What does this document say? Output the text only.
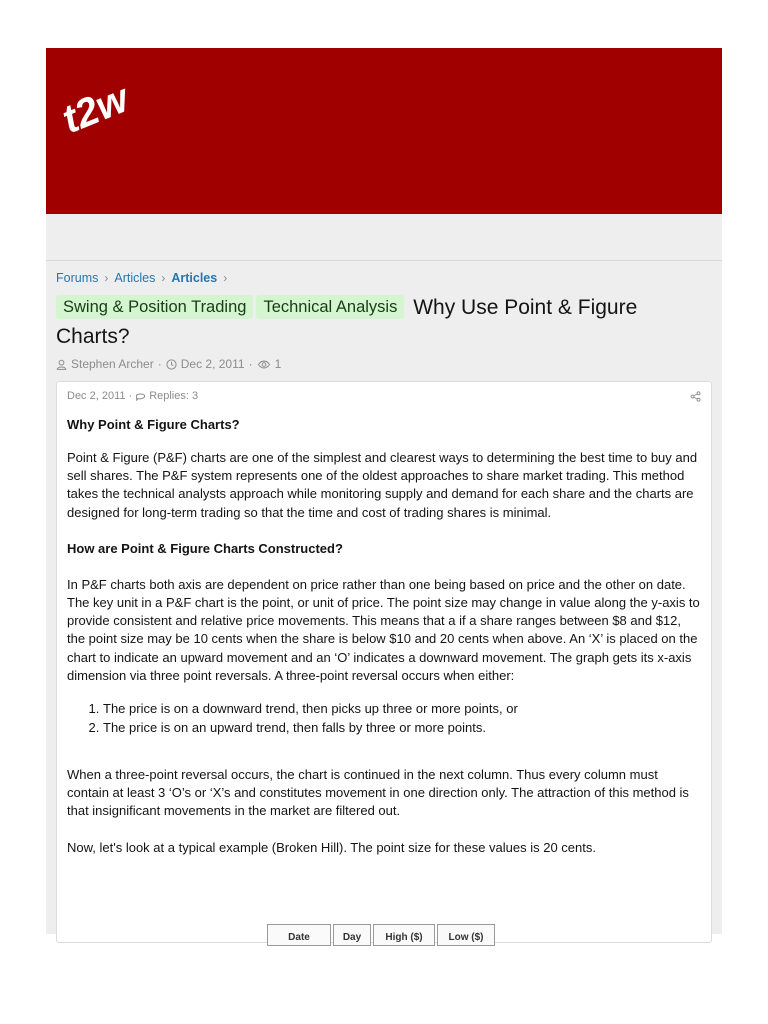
t2w
Forums › Articles › Articles ›
Swing & Position Trading Technical Analysis Why Use Point & Figure Charts?
Stephen Archer · Dec 2, 2011 · 1
Dec 2, 2011 · Replies: 3
Why Point & Figure Charts?

Point & Figure (P&F) charts are one of the simplest and clearest ways to determining the best time to buy and sell shares. The P&F system represents one of the oldest approaches to share market trading. This method takes the technical analysts approach while monitoring supply and demand for each share and the charts are designed for long-term trading so that the time and cost of trading shares is minimal.

How are Point & Figure Charts Constructed?

In P&F charts both axis are dependent on price rather than one being based on price and the other on date. The key unit in a P&F chart is the point, or unit of price. The point size may change in value along the y-axis to provide consistent and relative price movements. This means that a if a share ranges between $8 and $12, the point size may be 10 cents when the share is below $10 and 20 cents when above. An ‘X’ is placed on the chart to indicate an upward movement and an ‘O’ indicates a downward movement. The graph gets its x-axis dimension via three point reversals. A three-point reversal occurs when either:

1. The price is on a downward trend, then picks up three or more points, or
2. The price is on an upward trend, then falls by three or more points.

When a three-point reversal occurs, the chart is continued in the next column. Thus every column must contain at least 3 ‘O’s or ‘X’s and constitutes movement in one direction only. The attraction of this method is that insignificant movements in the market are filtered out.

Now, let's look at a typical example (Broken Hill). The point size for these values is 20 cents.

Date	Day	High ($)	Low ($)
